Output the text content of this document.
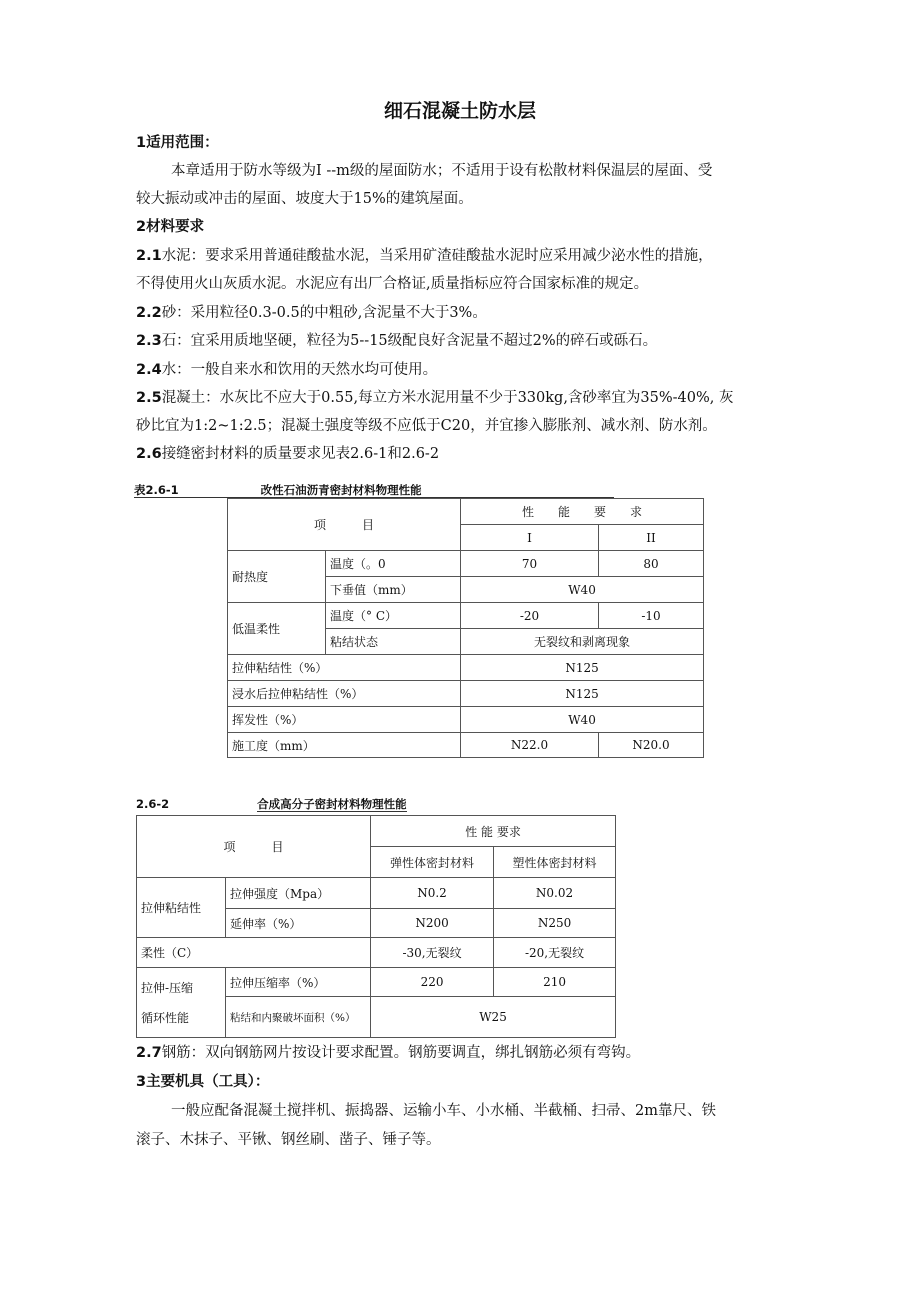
细石混凝土防水层
1适用范围：
本章适用于防水等级为I --m级的屋面防水；不适用于设有松散材料保温层的屋面、受
较大振动或冲击的屋面、坡度大于15%的建筑屋面。
2材料要求
2.1水泥：要求采用普通硅酸盐水泥，当采用矿渣硅酸盐水泥时应采用减少泌水性的措施，
不得使用火山灰质水泥。水泥应有出厂合格证,质量指标应符合国家标准的规定。
2.2砂：采用粒径0.3-0.5的中粗砂,含泥量不大于3%。
2.3石：宜采用质地坚硬，粒径为5--15级配良好含泥量不超过2%的碎石或砾石。
2.4水：一般自来水和饮用的天然水均可使用。
2.5混凝土：水灰比不应大于0.55,每立方米水泥用量不少于330kg,含砂率宜为35%-40%, 灰
砂比宜为1:2~1:2.5；混凝土强度等级不应低于C20，并宜掺入膨胀剂、减水剂、防水剂。
2.6接缝密封材料的质量要求见表2.6-1和2.6-2
表2.6-1	改性石油沥青密封材料物理性能
项　　　目		性　　能　　要　　求	
		I	II
耐热度	温度（。0	70	80
	下垂值（mm）	W40	
低温柔性	温度（° C）	-20	-10
	粘结状态	无裂纹和剥离现象	
拉伸粘结性（%）		N125	
浸水后拉伸粘结性（%）		N125	
挥发性（%）		W40	
施工度（mm）		N22.0	N20.0
2.6-2	合成高分子密封材料物理性能
项　　　目		性 能 要求	
		弹性体密封材料	塑性体密封材料
拉伸粘结性	拉伸强度（Mpa）	N0.2	N0.02
	延伸率（%）	N200	N250
柔性（C）		-30,无裂纹	-20,无裂纹

拉伸-压缩
循环性能	拉伸压缩率（%）	220	210
	粘结和内聚破坏面积（%）	W25	
2.7钢筋：双向钢筋网片按设计要求配置。钢筋要调直，绑扎钢筋必须有弯钩。
3主要机具（工具）：
一般应配备混凝土搅拌机、振捣器、运输小车、小水桶、半截桶、扫帚、2m靠尺、铁
滚子、木抹子、平锹、钢丝刷、凿子、锤子等。
